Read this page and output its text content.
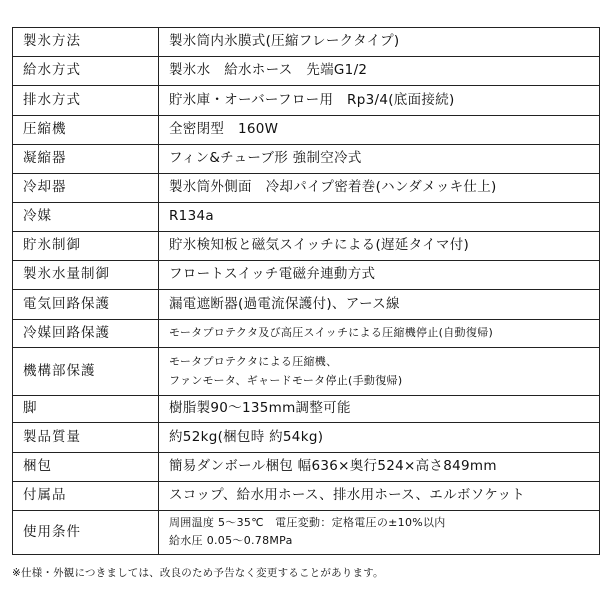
製氷方法	製氷筒内氷膜式(圧縮フレークタイプ)
給水方式	製氷水　給水ホース　先端G1/2
排水方式	貯氷庫・オーバーフロー用　Rp3/4(底面接続)
圧縮機	全密閉型　160W
凝縮器	フィン&チューブ形 強制空冷式
冷却器	製氷筒外側面　冷却パイプ密着巻(ハンダメッキ仕上)
冷媒	R134a
貯氷制御	貯氷検知板と磁気スイッチによる(遅延タイマ付)
製氷水量制御	フロートスイッチ電磁弁連動方式
電気回路保護	漏電遮断器(過電流保護付)、アース線
冷媒回路保護	モータプロテクタ及び高圧スイッチによる圧縮機停止(自動復帰)
機構部保護	モータプロテクタによる圧縮機、
ファンモータ、ギャードモータ停止(手動復帰)

脚	樹脂製90～135mm調整可能
製品質量	約52kg(梱包時 約54kg)
梱包	簡易ダンボール梱包 幅636×奥行524×高さ849mm
付属品	スコップ、給水用ホース、排水用ホース、エルボソケット
使用条件	周囲温度 5～35℃　電圧変動：定格電圧の±10%以内
給水圧 0.05～0.78MPa
※仕様・外観につきましては、改良のため予告なく変更することがあります。
